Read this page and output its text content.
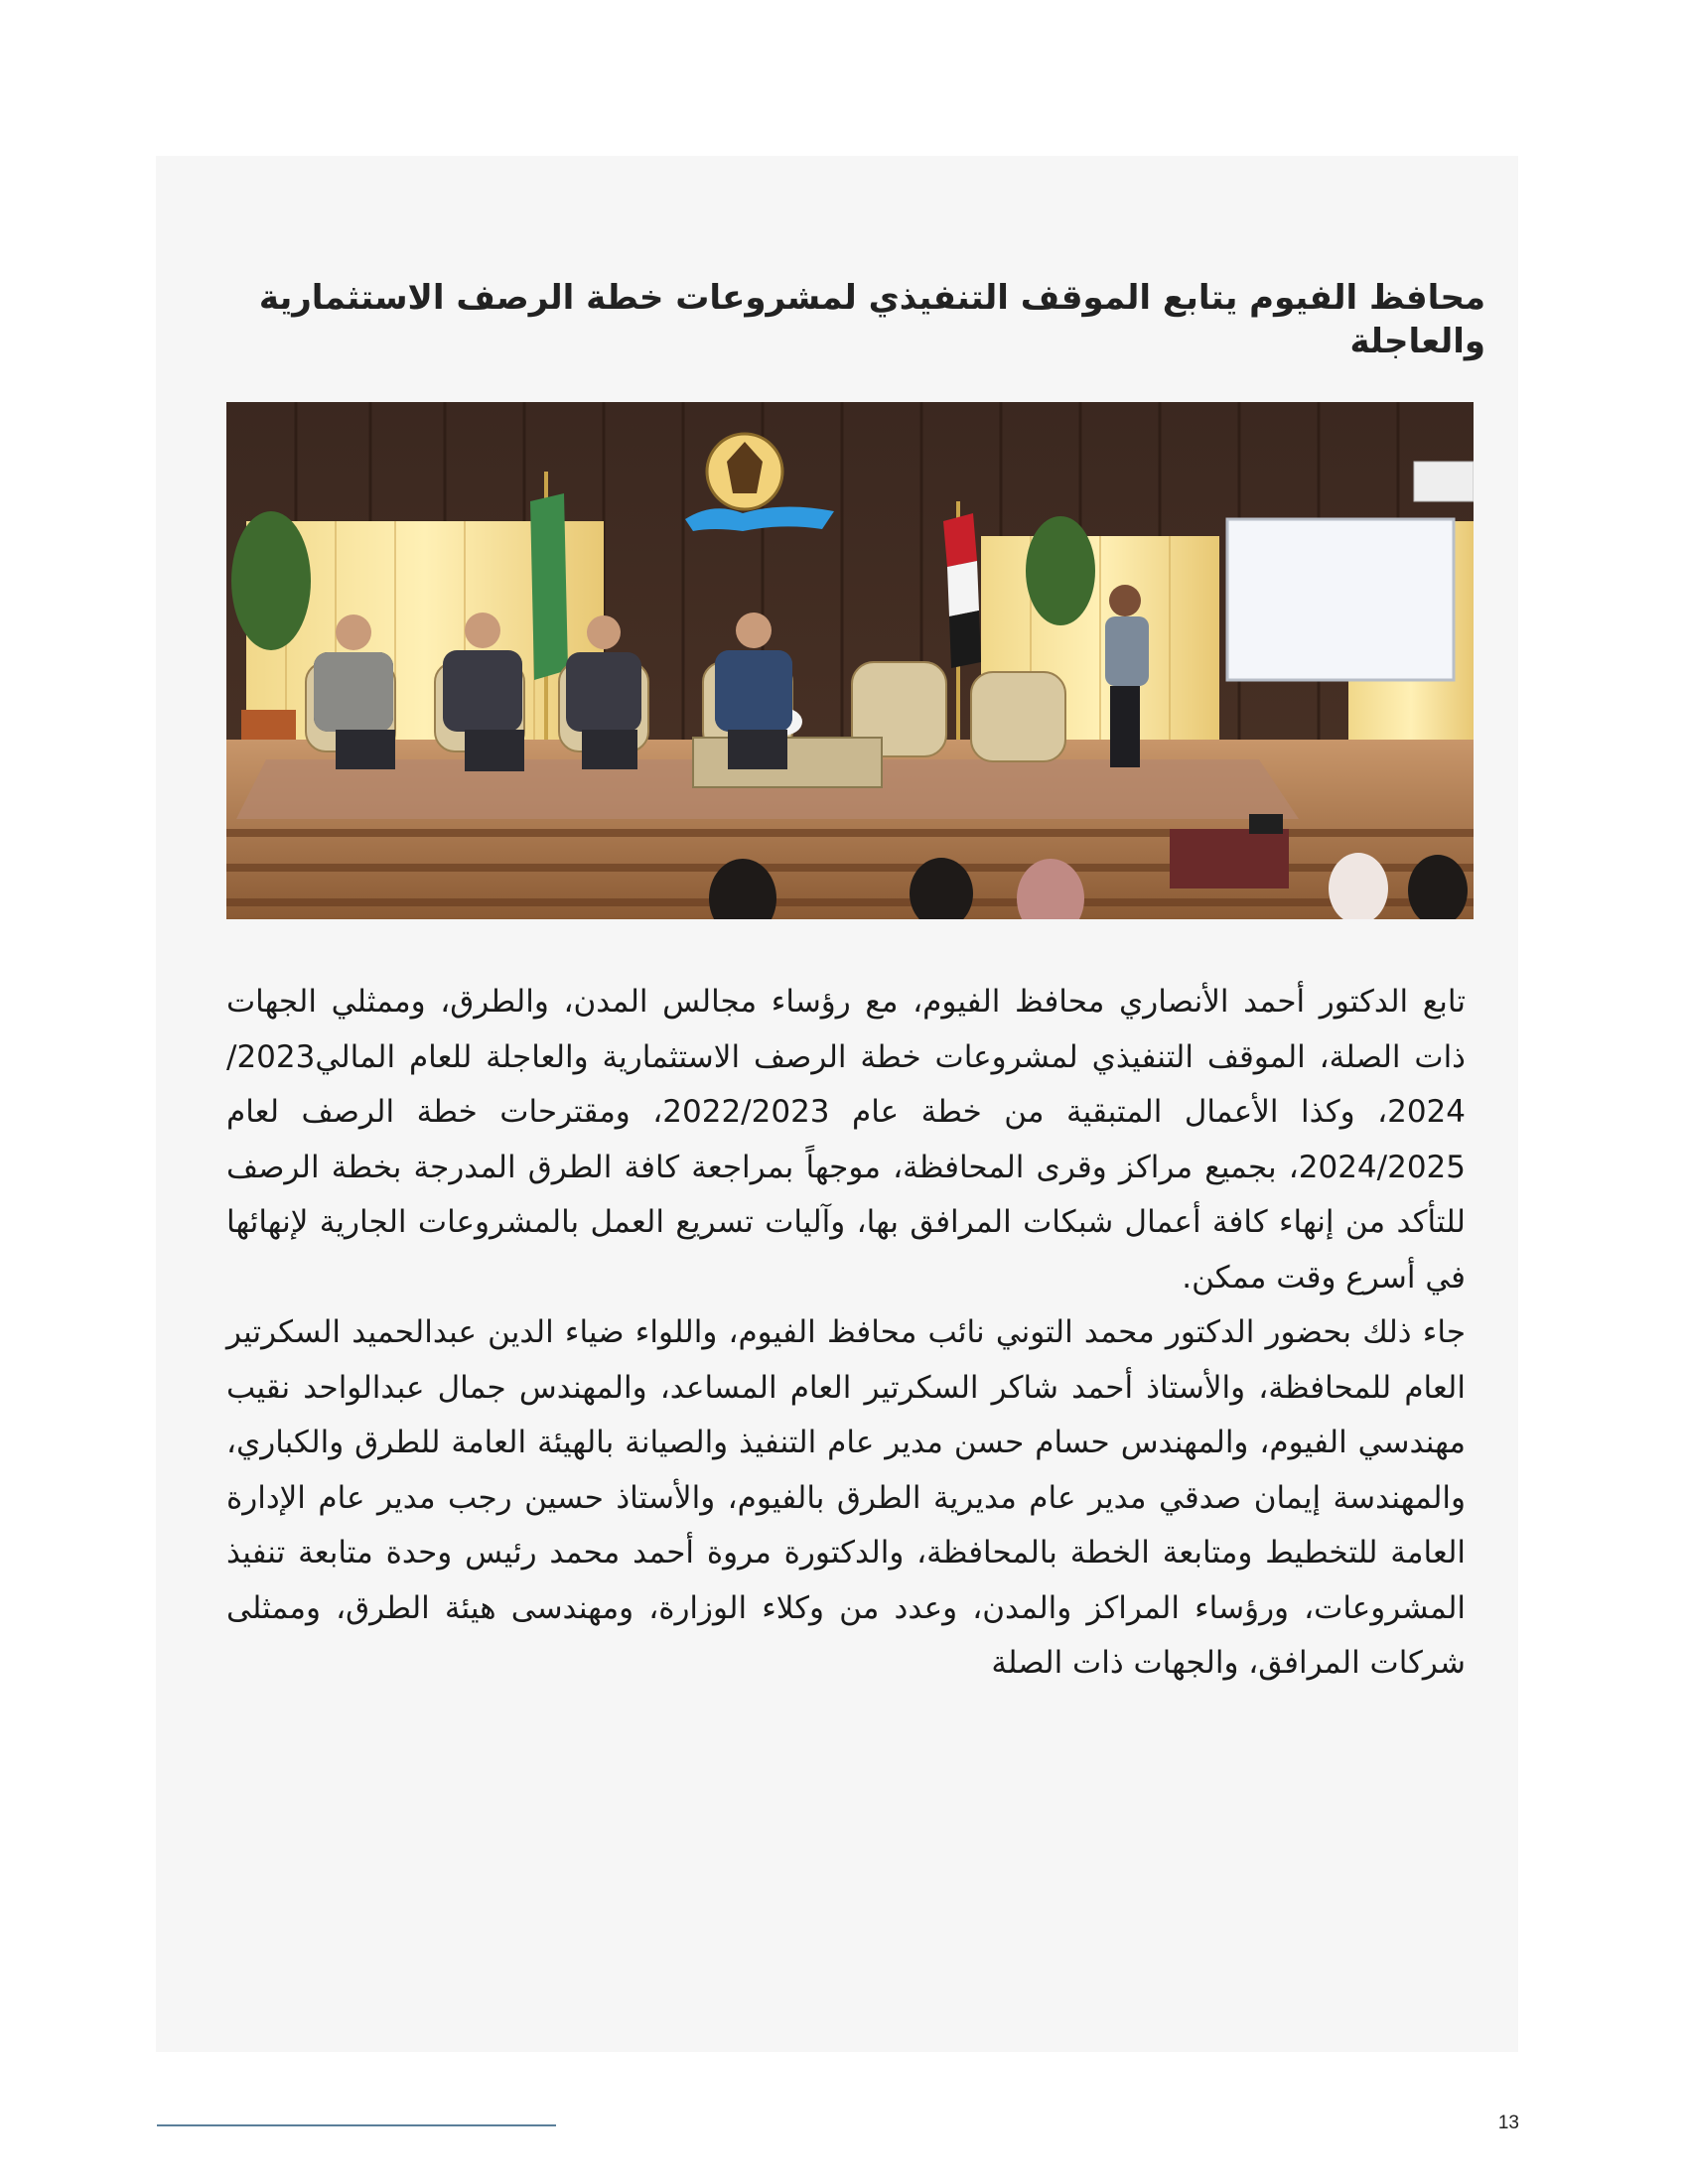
محافظ الفيوم يتابع الموقف التنفيذي لمشروعات خطة الرصف الاستثمارية والعاجلة

تابع الدكتور أحمد الأنصاري محافظ الفيوم، مع رؤساء مجالس المدن، والطرق، وممثلي الجهات ذات الصلة، الموقف التنفيذي لمشروعات خطة الرصف الاستثمارية والعاجلة للعام المالي2023/ 2024، وكذا الأعمال المتبقية من خطة عام 2022/2023، ومقترحات خطة الرصف لعام 2024/2025، بجميع مراكز وقرى المحافظة، موجهاً بمراجعة كافة الطرق المدرجة بخطة الرصف للتأكد من إنهاء كافة أعمال شبكات المرافق بها، وآليات تسريع العمل بالمشروعات الجارية لإنهائها في أسرع وقت ممكن.

جاء ذلك بحضور الدكتور محمد التوني نائب محافظ الفيوم، واللواء ضياء الدين عبدالحميد السكرتير العام للمحافظة، والأستاذ أحمد شاكر السكرتير العام المساعد، والمهندس جمال عبدالواحد نقيب مهندسي الفيوم، والمهندس حسام حسن مدير عام التنفيذ والصيانة بالهيئة العامة للطرق والكباري، والمهندسة إيمان صدقي مدير عام مديرية الطرق بالفيوم، والأستاذ حسين رجب مدير عام الإدارة العامة للتخطيط ومتابعة الخطة بالمحافظة، والدكتورة مروة أحمد محمد رئيس وحدة متابعة تنفيذ المشروعات، ورؤساء المراكز والمدن، وعدد من وكلاء الوزارة، ومهندسى هيئة الطرق، وممثلى شركات المرافق، والجهات ذات الصلة

13
